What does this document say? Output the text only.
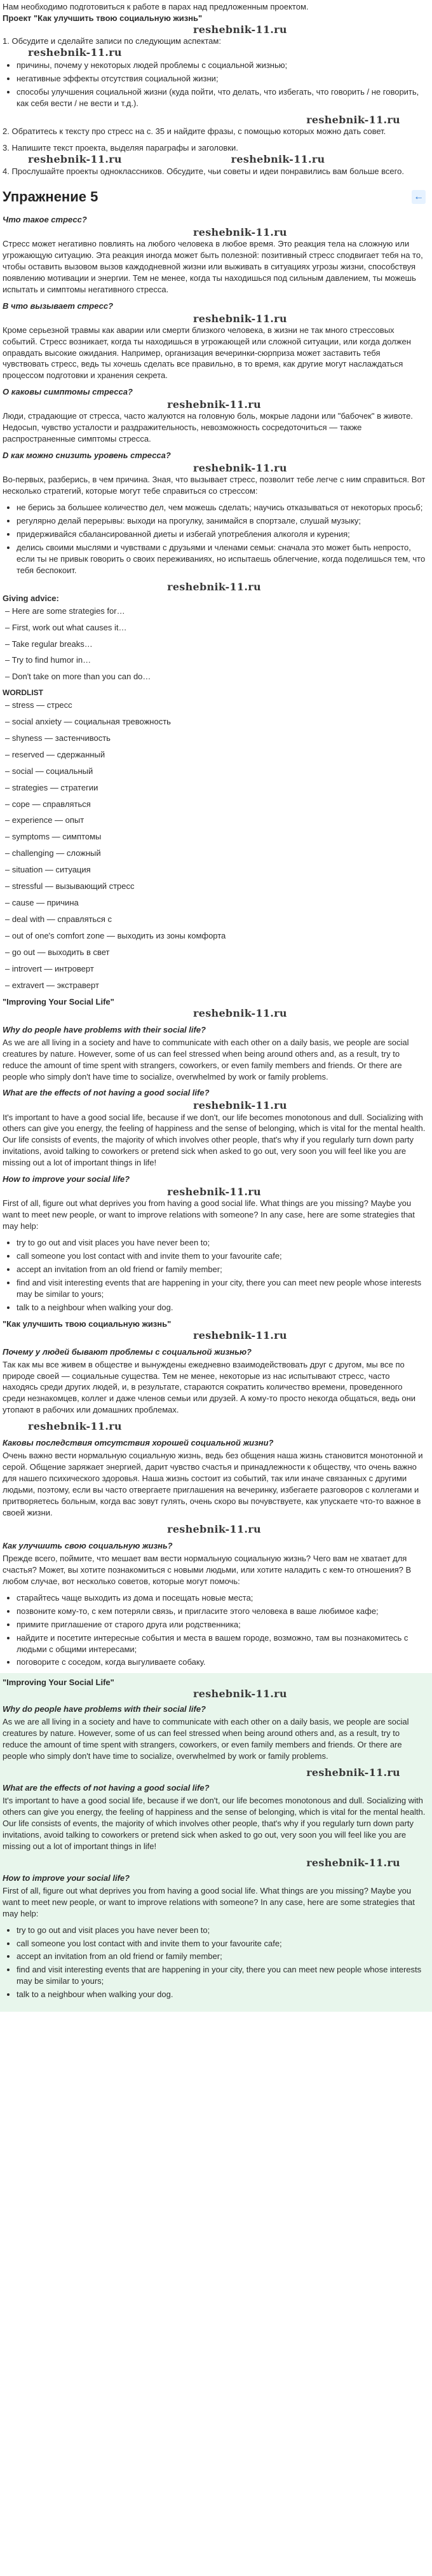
Нам необходимо подготовиться к работе в парах над предложенным проектом.

Проект "Как улучшить твою социальную жизнь"
reshebnik-11.ru
1. Обсудите и сделайте записи по следующим аспектам:
reshebnik-11.ru
• причины, почему у некоторых людей проблемы с социальной жизнью;
• негативные эффекты отсутствия социальной жизни;
• способы улучшения социальной жизни (куда пойти, что делать, что избегать, что говорить / не говорить, как себя вести / не вести и т.д.).
reshebnik-11.ru

2. Обратитесь к тексту про стресс на с. 35 и найдите фразы, с помощью которых можно дать совет.

3. Напишите текст проекта, выделяя параграфы и заголовки.

reshebnik-11.ru	reshebnik-11.ru

4. Прослушайте проекты одноклассников. Обсудите, чьи советы и идеи понравились вам больше всего.

Упражнение 5	←
Что такое стресс?
reshebnik-11.ru

Стресс может негативно повлиять на любого человека в любое время. Это реакция тела на сложную или угрожающую ситуацию. Эта реакция иногда может быть полезной: позитивный стресс сподвигает тебя на то, чтобы оставить вызовом вызов каждодневной жизни или выживать в ситуациях угрозы жизни, способствуя появлению мотивации и энергии. Тем не менее, когда ты находишься под сильным давлением, ты можешь испытать и симптомы негативного стресса.

В что вызывает стресс?
reshebnik-11.ru

Кроме серьезной травмы как аварии или смерти близкого человека, в жизни не так много стрессовых событий. Стресс возникает, когда ты находишься в угрожающей или сложной ситуации, или когда должен оправдать высокие ожидания. Например, организация вечеринки-сюрприза может заставить тебя чувствовать стресс, ведь ты хочешь сделать все правильно, в то время, как другие могут наслаждаться процессом подготовки и хранения секрета.

О каковы симптомы стресса?
reshebnik-11.ru

Люди, страдающие от стресса, часто жалуются на головную боль, мокрые ладони или "бабочек" в животе. Недосып, чувство усталости и раздражительность, невозможность сосредоточиться — также распространенные симптомы стресса.

D как можно снизить уровень стресса?
reshebnik-11.ru

Во-первых, разберись, в чем причина. Зная, что вызывает стресс, позволит тебе легче с ним справиться. Вот несколько стратегий, которые могут тебе справиться со стрессом:

• не берись за большее количество дел, чем можешь сделать; научись отказываться от некоторых просьб;
• регулярно делай перерывы: выходи на прогулку, занимайся в спортзале, слушай музыку;
• придерживайся сбалансированной диеты и избегай употребления алкоголя и курения;
• делись своими мыслями и чувствами с друзьями и членами семьи: сначала это может быть непросто, если ты не привык говорить о своих переживаниях, но испытаешь облегчение, когда поделишься тем, что тебя беспокоит.
reshebnik-11.ru
Giving advice:
– Here are some strategies for…
– First, work out what causes it…
– Take regular breaks…
– Try to find humor in…
– Don't take on more than you can do…
WORDLIST
– stress — стресс
– social anxiety — социальная тревожность
– shyness — застенчивость
– reserved — сдержанный
– social — социальный
– strategies — стратегии
– cope — справляться
– experience — опыт
– symptoms — симптомы
– challenging — сложный
– situation — ситуация
– stressful — вызывающий стресс
– cause — причина
– deal with — справляться с
– out of one's comfort zone — выходить из зоны комфорта
– go out — выходить в свет
– introvert — интроверт
– extravert — экстраверт
"Improving Your Social Life"
reshebnik-11.ru
Why do people have problems with their social life?

As we are all living in a society and have to communicate with each other on a daily basis, we people are social creatures by nature. However, some of us can feel stressed when being around others and, as a result, try to reduce the amount of time spent with strangers, coworkers, or even family members and friends. Or there are people who simply don't have time to socialize, overwhelmed by work or family problems.

What are the effects of not having a good social life?
reshebnik-11.ru

It's important to have a good social life, because if we don't, our life becomes monotonous and dull. Socializing with others can give you energy, the feeling of happiness and the sense of belonging, which is vital for the mental health. Our life consists of events, the majority of which involves other people, that's why if you regularly turn down party invitations, avoid talking to coworkers or pretend sick when asked to go out, very soon you will feel like you are missing out a lot of important things in life!

How to improve your social life?
reshebnik-11.ru

First of all, figure out what deprives you from having a good social life. What things are you missing? Maybe you want to meet new people, or want to improve relations with someone? In any case, here are some strategies that may help:

• try to go out and visit places you have never been to;
• call someone you lost contact with and invite them to your favourite cafe;
• accept an invitation from an old friend or family member;
• find and visit interesting events that are happening in your city, there you can meet new people whose interests may be similar to yours;
• talk to a neighbour when walking your dog.
"Как улучшить твою социальную жизнь"
reshebnik-11.ru
Почему у людей бывают проблемы с социальной жизнью?

Так как мы все живем в обществе и вынуждены ежедневно взаимодействовать друг с другом, мы все по природе своей — социальные существа. Тем не менее, некоторые из нас испытывают стресс, часто находясь среди других людей, и, в результате, стараются сократить количество времени, проведенного среди незнакомцев, коллег и даже членов семьи или друзей. А кому-то просто некогда общаться, ведь они утопают в рабочих или домашних проблемах.

reshebnik-11.ru
Каковы последствия отсутствия хорошей социальной жизни?

Очень важно вести нормальную социальную жизнь, ведь без общения наша жизнь становится монотонной и серой. Общение заряжает энергией, дарит чувство счастья и принадлежности к обществу, что очень важно для нашего психического здоровья. Наша жизнь состоит из событий, так или иначе связанных с другими людьми, поэтому, если вы часто отвергаете приглашения на вечеринку, избегаете разговоров с коллегами и притворяетесь больным, когда вас зовут гулять, очень скоро вы почувствуете, как упускаете что-то важное в своей жизни.

reshebnik-11.ru
Как улучшить свою социальную жизнь?

Прежде всего, поймите, что мешает вам вести нормальную социальную жизнь? Чего вам не хватает для счастья? Может, вы хотите познакомиться с новыми людьми, или хотите наладить с кем-то отношения? В любом случае, вот несколько советов, которые могут помочь:

• старайтесь чаще выходить из дома и посещать новые места;
• позвоните кому-то, с кем потеряли связь, и пригласите этого человека в ваше любимое кафе;
• примите приглашение от старого друга или родственника;
• найдите и посетите интересные события и места в вашем городе, возможно, там вы познакомитесь с людьми с общими интересами;
• поговорите с соседом, когда выгуливаете собаку.
"Improving Your Social Life"
reshebnik-11.ru
Why do people have problems with their social life?

As we are all living in a society and have to communicate with each other on a daily basis, we people are social creatures by nature. However, some of us can feel stressed when being around others and, as a result, try to reduce the amount of time spent with strangers, coworkers, or even family members and friends. Or there are people who simply don't have time to socialize, overwhelmed by work or family problems.

reshebnik-11.ru
What are the effects of not having a good social life?

It's important to have a good social life, because if we don't, our life becomes monotonous and dull. Socializing with others can give you energy, the feeling of happiness and the sense of belonging, which is vital for the mental health. Our life consists of events, the majority of which involves other people, that's why if you regularly turn down party invitations, avoid talking to coworkers or pretend sick when asked to go out, very soon you will feel like you are missing out a lot of important things in life!

reshebnik-11.ru
How to improve your social life?

First of all, figure out what deprives you from having a good social life. What things are you missing? Maybe you want to meet new people, or want to improve relations with someone? In any case, here are some strategies that may help:

• try to go out and visit places you have never been to;
• call someone you lost contact with and invite them to your favourite cafe;
• accept an invitation from an old friend or family member;
• find and visit interesting events that are happening in your city, there you can meet new people whose interests may be similar to yours;
• talk to a neighbour when walking your dog.
